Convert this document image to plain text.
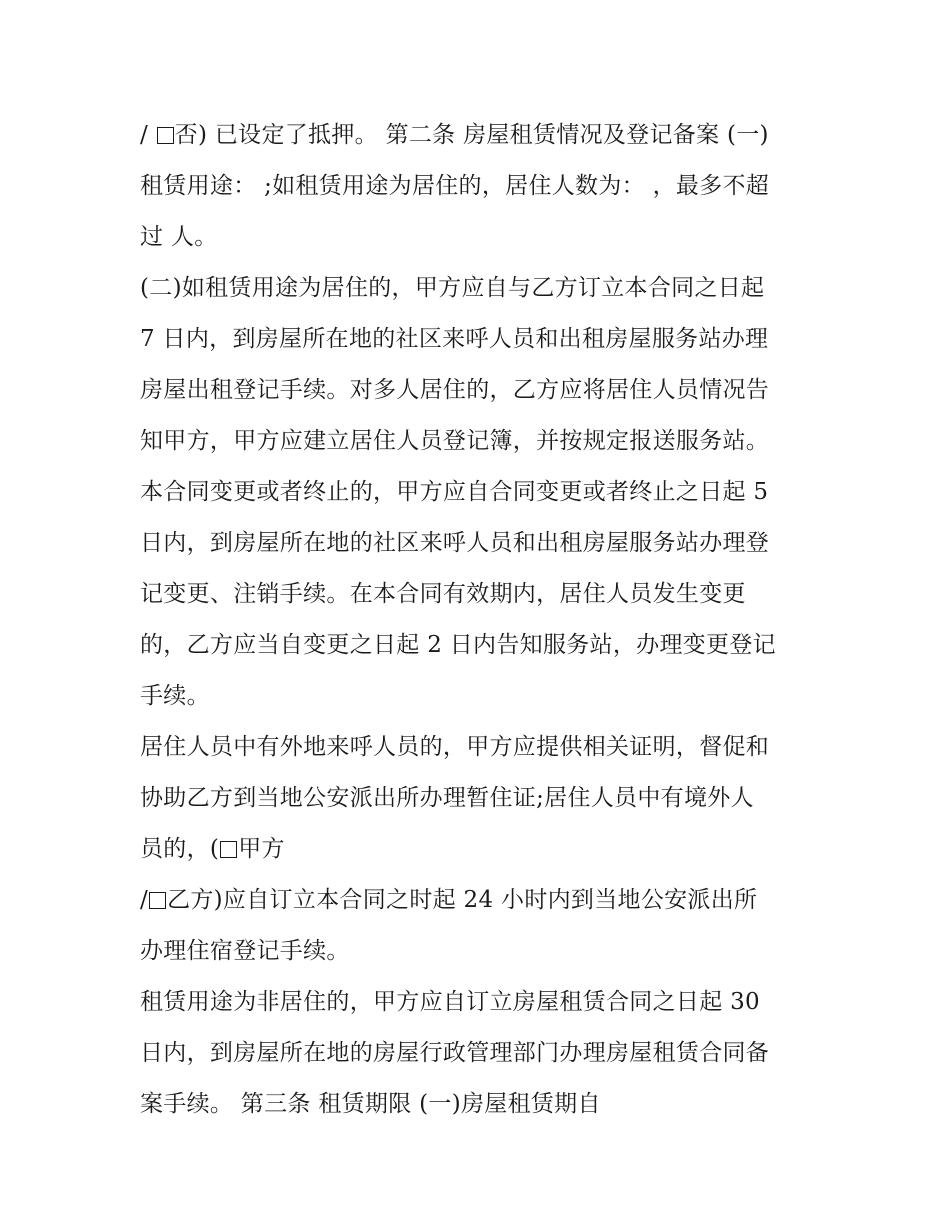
/ 否) 已设定了抵押。 第二条 房屋租赁情况及登记备案 (一)
租赁用途： ;如租赁用途为居住的，居住人数为： ，最多不超
过 人。
(二)如租赁用途为居住的，甲方应自与乙方订立本合同之日起
7 日内，到房屋所在地的社区来呼人员和出租房屋服务站办理
房屋出租登记手续。对多人居住的，乙方应将居住人员情况告
知甲方，甲方应建立居住人员登记簿，并按规定报送服务站。
本合同变更或者终止的，甲方应自合同变更或者终止之日起 5
日内，到房屋所在地的社区来呼人员和出租房屋服务站办理登
记变更、注销手续。在本合同有效期内，居住人员发生变更
的，乙方应当自变更之日起 2 日内告知服务站，办理变更登记
手续。
居住人员中有外地来呼人员的，甲方应提供相关证明，督促和
协助乙方到当地公安派出所办理暂住证;居住人员中有境外人
员的，( 甲方
/ 乙方)应自订立本合同之时起 24 小时内到当地公安派出所
办理住宿登记手续。
租赁用途为非居住的，甲方应自订立房屋租赁合同之日起 30
日内，到房屋所在地的房屋行政管理部门办理房屋租赁合同备
案手续。 第三条 租赁期限 (一)房屋租赁期自
